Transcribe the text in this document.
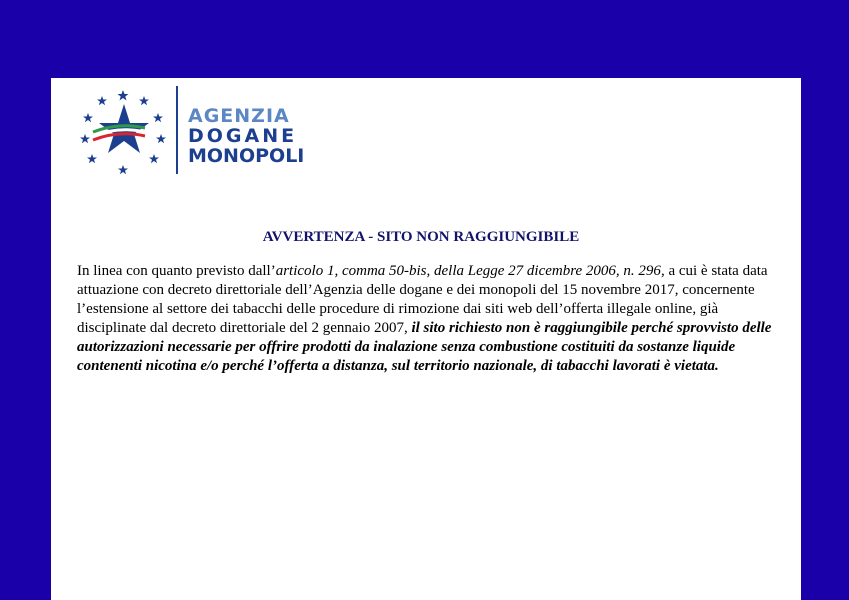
AGENZIA
DOGANE
MONOPOLI
AVVERTENZA - SITO NON RAGGIUNGIBILE
In linea con quanto previsto dall’articolo 1, comma 50-bis, della Legge 27 dicembre 2006, n. 296, a cui è stata data attuazione con decreto direttoriale dell’Agenzia delle dogane e dei monopoli del 15 novembre 2017, concernente l’estensione al settore dei tabacchi delle procedure di rimozione dai siti web dell’offerta illegale online, già disciplinate dal decreto direttoriale del 2 gennaio 2007, il sito richiesto non è raggiungibile perché sprovvisto delle autorizzazioni necessarie per offrire prodotti da inalazione senza combustione costituiti da sostanze liquide contenenti nicotina e/o perché l’offerta a distanza, sul territorio nazionale, di tabacchi lavorati è vietata.
